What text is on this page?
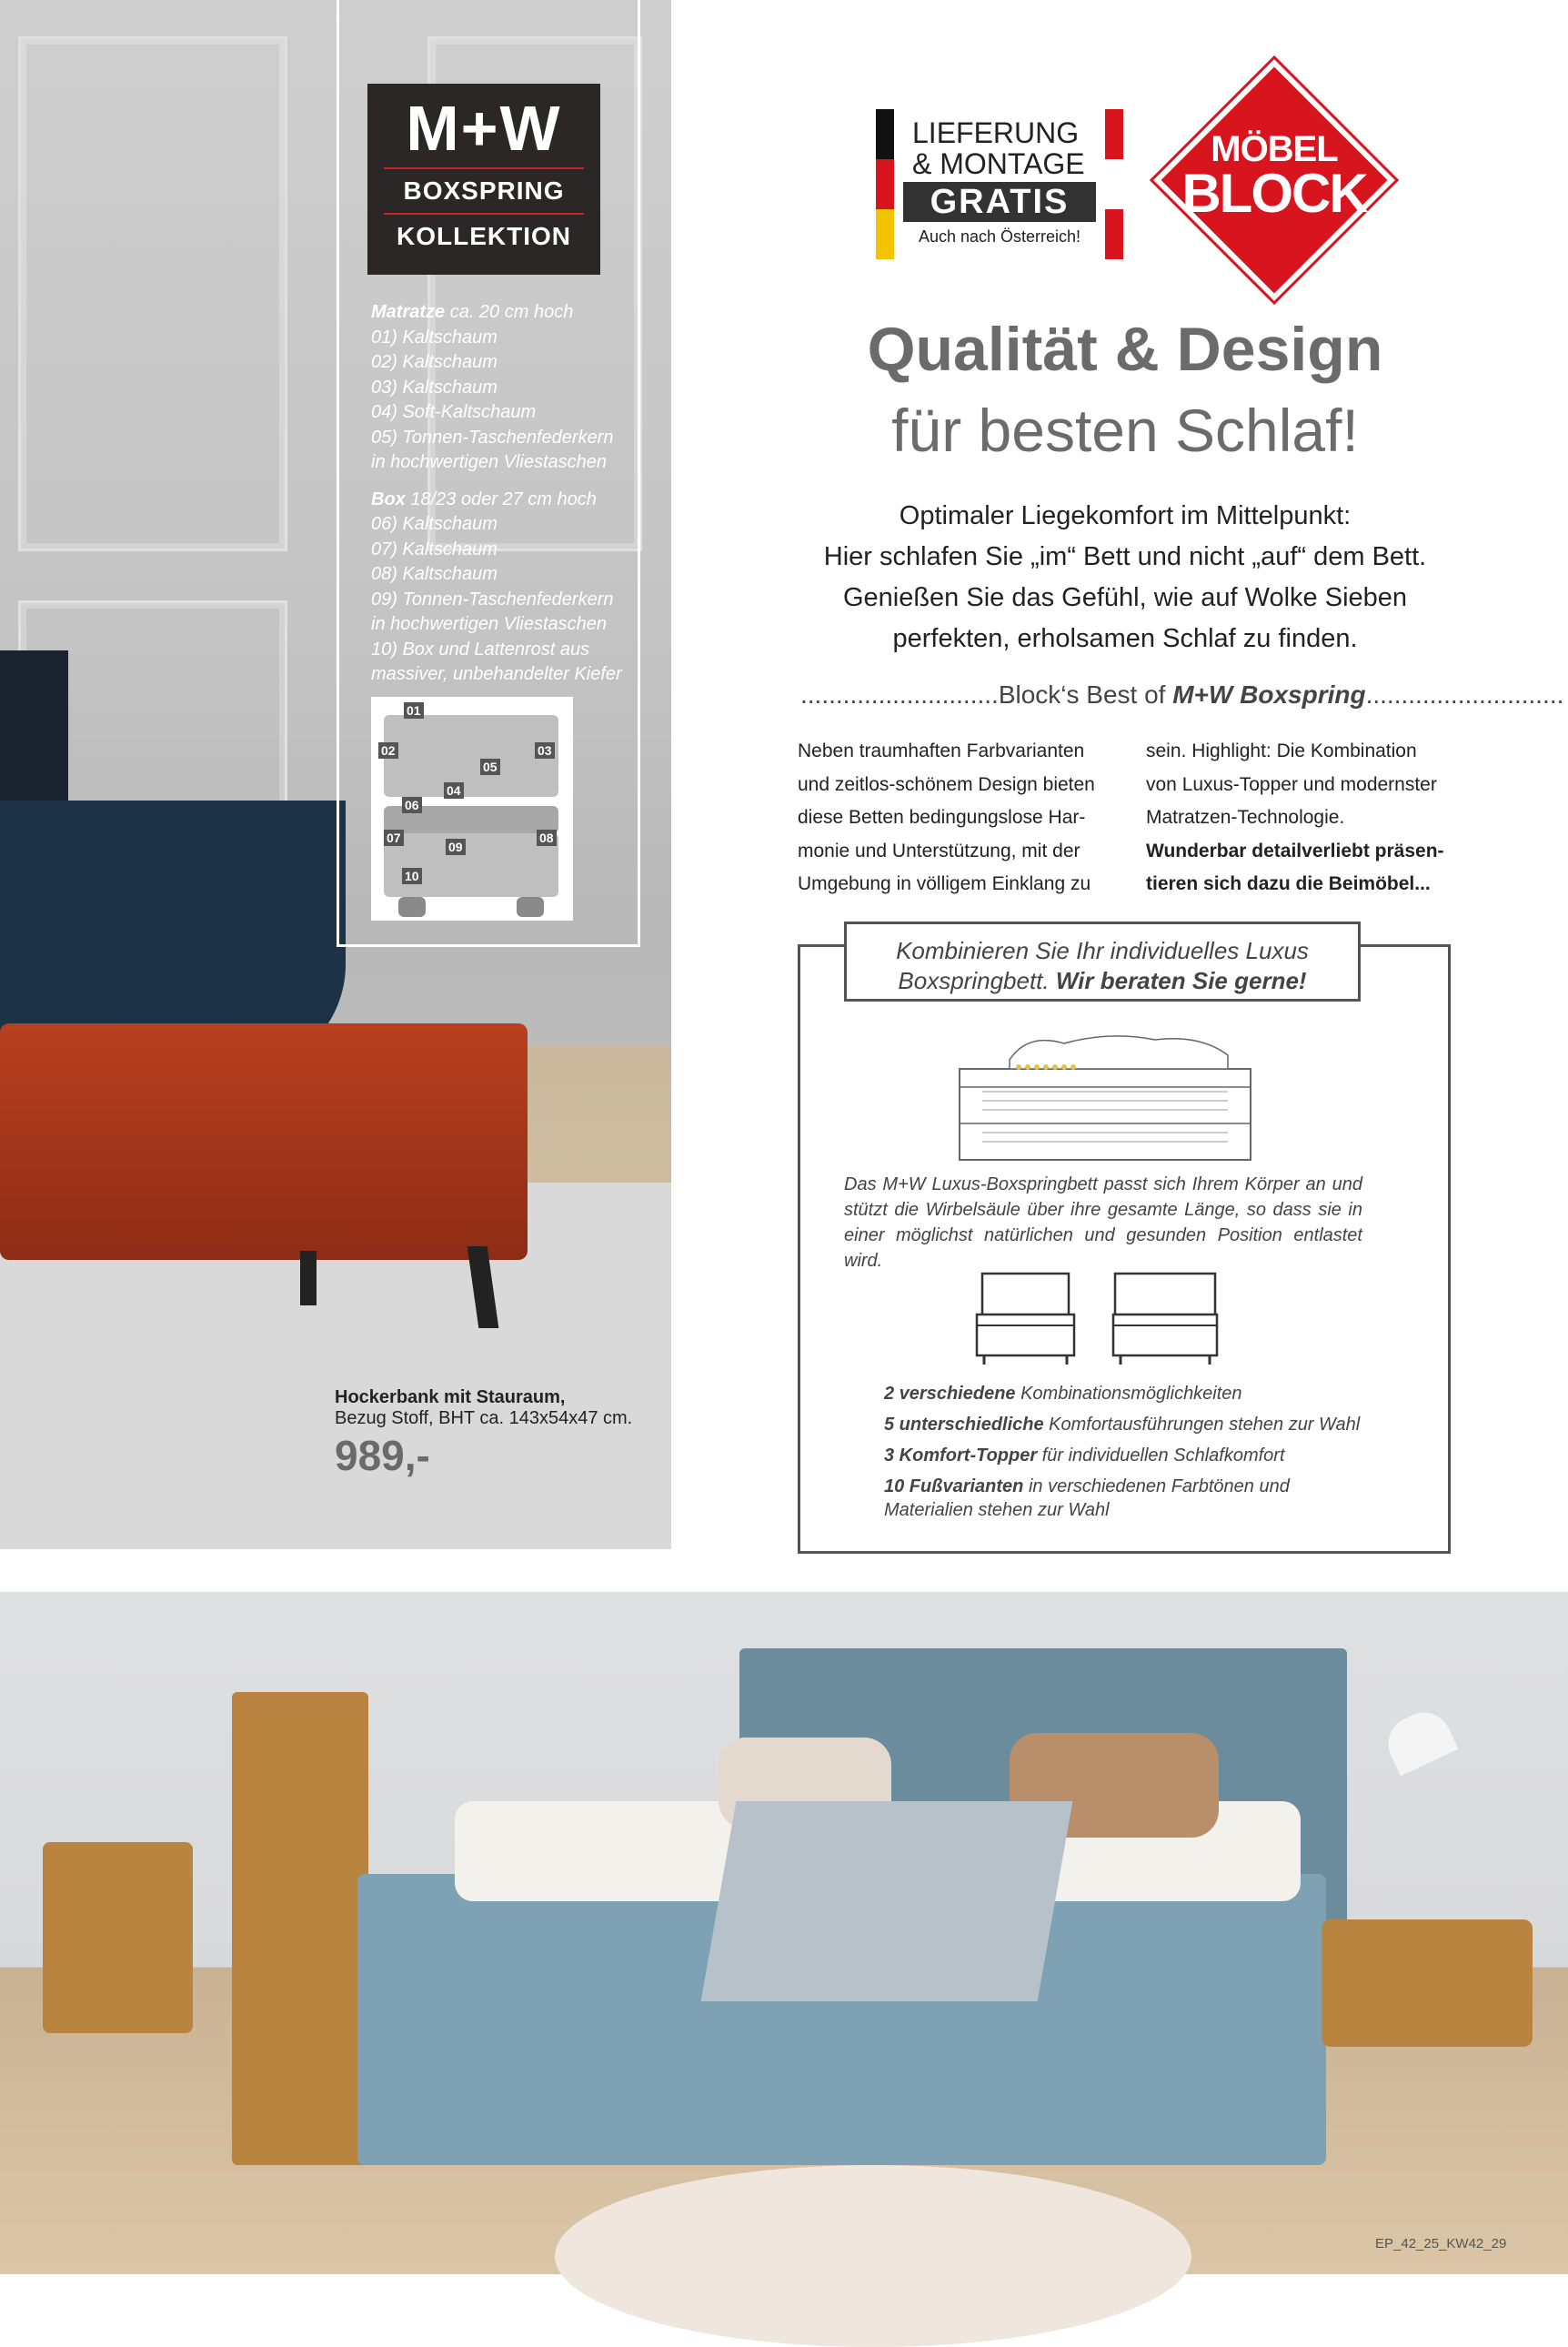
M+W
BOXSPRING
KOLLEKTION
Matratze ca. 20 cm hoch
01) Kaltschaum
02) Kaltschaum
03) Kaltschaum
04) Soft-Kaltschaum
05) Tonnen-Taschenfederkern
in hochwertigen Vliestaschen
Box 18/23 oder 27 cm hoch
06) Kaltschaum
07) Kaltschaum
08) Kaltschaum
09) Tonnen-Taschenfederkern
in hochwertigen Vliestaschen
10) Box und Lattenrost aus
massiver, unbehandelter Kiefer
01
02	03
04
05
06
07	08
09
10
Hockerbank mit Stauraum,
Bezug Stoff, BHT ca. 143x54x47 cm.
989,-
LIEFERUNG
& MONTAGE
GRATIS
Auch nach Österreich!
MÖBEL
BLOCK
Qualität & Design
für besten Schlaf!
Optimaler Liegekomfort im Mittelpunkt:
Hier schlafen Sie „im“ Bett und nicht „auf“ dem Bett.
Genießen Sie das Gefühl, wie auf Wolke Sieben
perfekten, erholsamen Schlaf zu finden.
............................Block‘s Best of M+W Boxspring............................
Neben traumhaften Farbvarianten
und zeitlos-schönem Design bieten
diese Betten bedingungslose Har-
monie und Unterstützung, mit der
Umgebung in völligem Einklang zu
sein. Highlight: Die Kombination
von Luxus-Topper und modernster
Matratzen-Technologie.
Wunderbar detailverliebt präsen-
tieren sich dazu die Beimöbel...
Kombinieren Sie Ihr individuelles Luxus
Boxspringbett. Wir beraten Sie gerne!
Das M+W Luxus-Boxspringbett passt sich Ihrem Körper an und stützt die Wirbelsäule über ihre gesamte Länge, so dass sie in einer möglichst natürlichen und gesunden Position entlastet wird.
2 verschiedene Kombinationsmöglichkeiten
5 unterschiedliche Komfortausführungen stehen zur Wahl
3 Komfort-Topper für individuellen Schlafkomfort
10 Fußvarianten in verschiedenen Farbtönen und
Materialien stehen zur Wahl
EP_42_25_KW42_29
